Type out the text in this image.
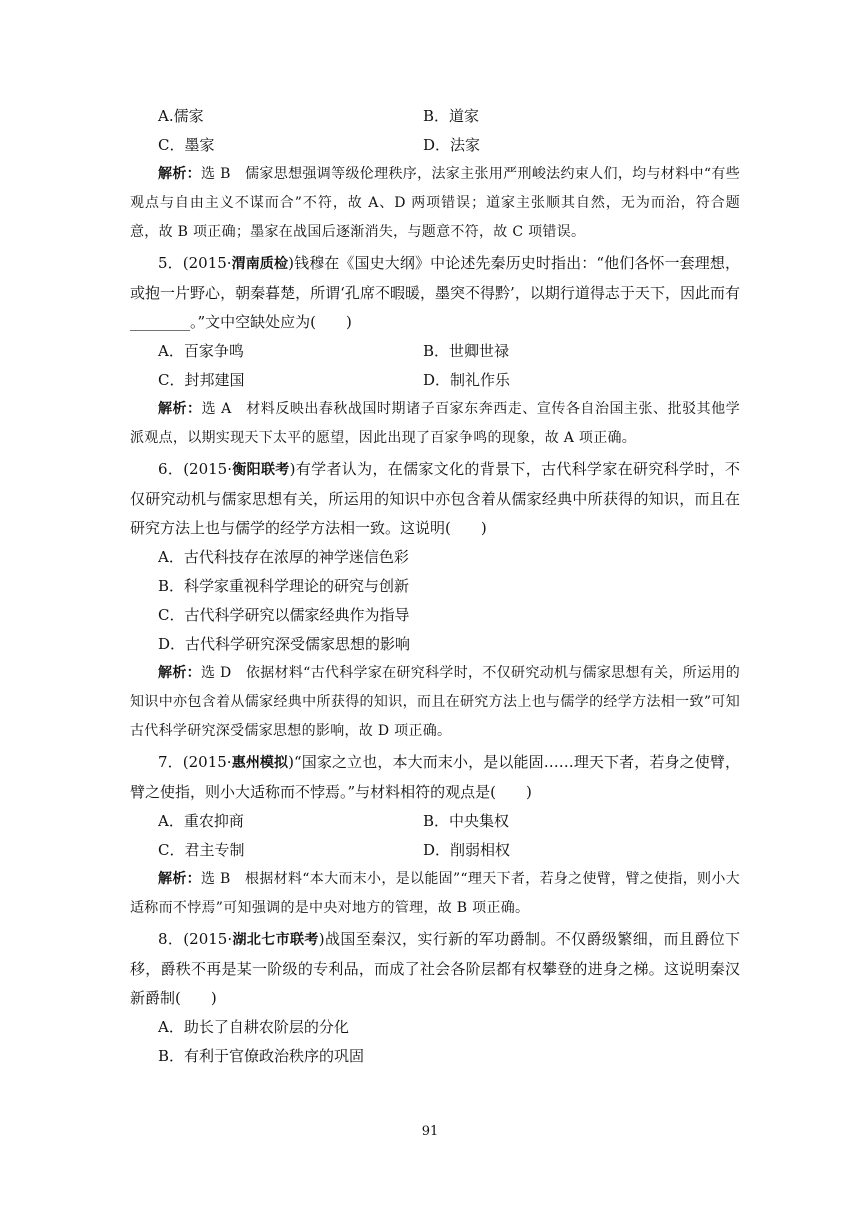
A.儒家	B．道家
C．墨家	D．法家

解析：选 B　儒家思想强调等级伦理秩序，法家主张用严刑峻法约束人们，均与材料中“有些观点与自由主义不谋而合”不符，故 A、D 两项错误；道家主张顺其自然，无为而治，符合题意，故 B 项正确；墨家在战国后逐渐消失，与题意不符，故 C 项错误。

5．(2015·渭南质检)钱穆在《国史大纲》中论述先秦历史时指出：“他们各怀一套理想，或抱一片野心，朝秦暮楚，所谓‘孔席不暇暖，墨突不得黔’，以期行道得志于天下，因此而有________。”文中空缺处应为(　　)

A．百家争鸣	B．世卿世禄
C．封邦建国	D．制礼作乐

解析：选 A　材料反映出春秋战国时期诸子百家东奔西走、宣传各自治国主张、批驳其他学派观点，以期实现天下太平的愿望，因此出现了百家争鸣的现象，故 A 项正确。

6．(2015·衡阳联考)有学者认为，在儒家文化的背景下，古代科学家在研究科学时，不仅研究动机与儒家思想有关，所运用的知识中亦包含着从儒家经典中所获得的知识，而且在研究方法上也与儒学的经学方法相一致。这说明(　　)

A．古代科技存在浓厚的神学迷信色彩
B．科学家重视科学理论的研究与创新
C．古代科学研究以儒家经典作为指导
D．古代科学研究深受儒家思想的影响

解析：选 D　依据材料“古代科学家在研究科学时，不仅研究动机与儒家思想有关，所运用的知识中亦包含着从儒家经典中所获得的知识，而且在研究方法上也与儒学的经学方法相一致”可知古代科学研究深受儒家思想的影响，故 D 项正确。

7．(2015·惠州模拟)“国家之立也，本大而末小，是以能固……理天下者，若身之使臂，臂之使指，则小大适称而不悖焉。”与材料相符的观点是(　　)

A．重农抑商	B．中央集权
C．君主专制	D．削弱相权

解析：选 B　根据材料“本大而末小，是以能固”“理天下者，若身之使臂，臂之使指，则小大适称而不悖焉”可知强调的是中央对地方的管理，故 B 项正确。

8．(2015·湖北七市联考)战国至秦汉，实行新的军功爵制。不仅爵级繁细，而且爵位下移，爵秩不再是某一阶级的专利品，而成了社会各阶层都有权攀登的进身之梯。这说明秦汉新爵制(　　)

A．助长了自耕农阶层的分化
B．有利于官僚政治秩序的巩固
91
